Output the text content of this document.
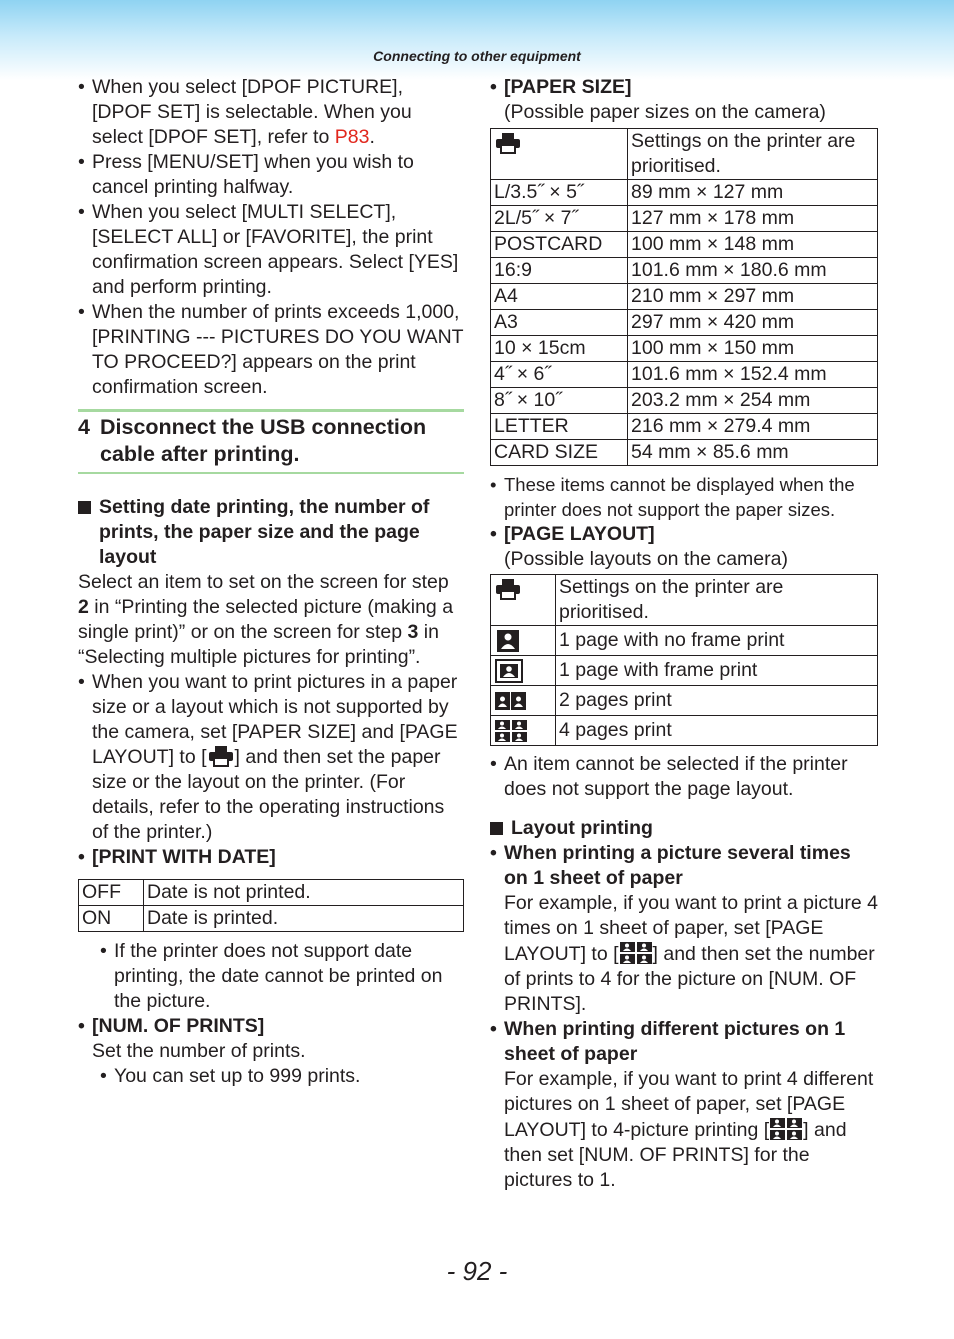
Connecting to other equipment

• When you select [DPOF PICTURE], [DPOF SET] is selectable. When you select [DPOF SET], refer to P83.

• Press [MENU/SET] when you wish to cancel printing halfway.

• When you select [MULTI SELECT], [SELECT ALL] or [FAVORITE], the print confirmation screen appears. Select [YES] and perform printing.

• When the number of prints exceeds 1,000, [PRINTING --- PICTURES DO YOU WANT TO PROCEED?] appears on the print confirmation screen.

4 Disconnect the USB connection cable after printing.

Setting date printing, the number of prints, the paper size and the page layout

Select an item to set on the screen for step 2 in “Printing the selected picture (making a single print)” or on the screen for step 3 in “Selecting multiple pictures for printing”.

• When you want to print pictures in a paper size or a layout which is not supported by the camera, set [PAPER SIZE] and [PAGE LAYOUT] to [ ] and then set the paper size or the layout on the printer. (For details, refer to the operating instructions of the printer.)

• [PRINT WITH DATE]

OFF	Date is not printed.
ON	Date is printed.

• If the printer does not support date printing, the date cannot be printed on the picture.

• [NUM. OF PRINTS]

Set the number of prints.

• You can set up to 999 prints.

• [PAPER SIZE]

(Possible paper sizes on the camera)

	Settings on the printer are prioritised.
L/3.5˝ × 5˝	89 mm × 127 mm
2L/5˝ × 7˝	127 mm × 178 mm
POSTCARD	100 mm × 148 mm
16:9	101.6 mm × 180.6 mm
A4	210 mm × 297 mm
A3	297 mm × 420 mm
10 × 15cm	100 mm × 150 mm
4˝ × 6˝	101.6 mm × 152.4 mm
8˝ × 10˝	203.2 mm × 254 mm
LETTER	216 mm × 279.4 mm
CARD SIZE	54 mm × 85.6 mm

• These items cannot be displayed when the printer does not support the paper sizes.

• [PAGE LAYOUT]

(Possible layouts on the camera)

	Settings on the printer are prioritised.
	1 page with no frame print
	1 page with frame print
	2 pages print
	4 pages print

• An item cannot be selected if the printer does not support the page layout.

Layout printing

• When printing a picture several times on 1 sheet of paper

For example, if you want to print a picture 4 times on 1 sheet of paper, set [PAGE LAYOUT] to [ ] and then set the number of prints to 4 for the picture on [NUM. OF PRINTS].

• When printing different pictures on 1 sheet of paper

For example, if you want to print 4 different pictures on 1 sheet of paper, set [PAGE LAYOUT] to 4-picture printing [ ] and then set [NUM. OF PRINTS] for the pictures to 1.

- 92 -
